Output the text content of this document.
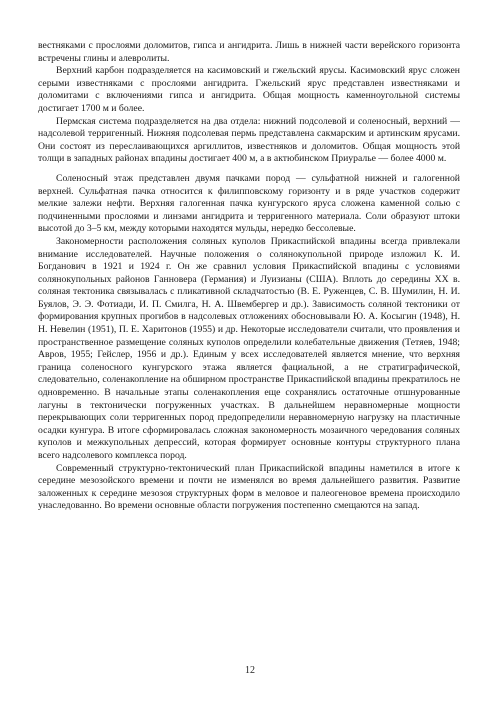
вестняками с прослоями доломитов, гипса и ангидрита. Лишь в нижней части верейского горизонта встречены глины и алевролиты.

Верхний карбон подразделяется на касимовский и гжельский ярусы. Касимовский ярус сложен серыми известняками с прослоями ангидрита. Гжельский ярус представлен известняками и доломитами с включениями гипса и ангидрита. Общая мощность каменноугольной системы достигает 1700 м и более.

Пермская система подразделяется на два отдела: нижний подсолевой и соленосный, верхний — надсолевой терригенный. Нижняя подсолевая пермь представлена сакмарским и артинским ярусами. Они состоят из переслаивающихся аргиллитов, известняков и доломитов. Общая мощность этой толщи в западных районах впадины достигает 400 м, а в актюбинском Приуралье — более 4000 м.

Соленосный этаж представлен двумя пачками пород — сульфатной нижней и галогенной верхней. Сульфатная пачка относится к филипповскому горизонту и в ряде участков содержит мелкие залежи нефти. Верхняя галогенная пачка кунгурского яруса сложена каменной солью с подчиненными прослоями и линзами ангидрита и терригенного материала. Соли образуют штоки высотой до 3–5 км, между которыми находятся мульды, нередко бессолевые.

Закономерности расположения соляных куполов Прикаспийской впадины всегда привлекали внимание исследователей. Научные положения о солянокупольной природе изложил К. И. Богданович в 1921 и 1924 г. Он же сравнил условия Прикаспийской впадины с условиями солянокупольных районов Ганновера (Германия) и Луизианы (США). Вплоть до середины XX в. соляная тектоника связывалась с пликативной складчатостью (В. Е. Руженцев, С. В. Шумилин, Н. И. Буялов, Э. Э. Фотиади, И. П. Смилга, Н. А. Швембергер и др.). Зависимость соляной тектоники от формирования крупных прогибов в надсолевых отложениях обосновывали Ю. А. Косыгин (1948), Н. Н. Невелин (1951), П. Е. Харитонов (1955) и др. Некоторые исследователи считали, что проявления и пространственное размещение соляных куполов определили колебательные движения (Тетяев, 1948; Авров, 1955; Гейслер, 1956 и др.). Единым у всех исследователей является мнение, что верхняя граница соленосного кунгурского этажа является фациальной, а не стратиграфической, следовательно, соленакопление на обширном пространстве Прикаспийской впадины прекратилось не одновременно. В начальные этапы соленакопления еще сохранялись остаточные отшнурованные лагуны в тектонически погруженных участках. В дальнейшем неравномерные мощности перекрывающих соли терригенных пород предопределили неравномерную нагрузку на пластичные осадки кунгура. В итоге сформировалась сложная закономерность мозаичного чередования соляных куполов и межкупольных депрессий, которая формирует основные контуры структурного плана всего надсолевого комплекса пород.

Современный структурно-тектонический план Прикаспийской впадины наметился в итоге к середине мезозойского времени и почти не изменялся во время дальнейшего развития. Развитие заложенных к середине мезозоя структурных форм в меловое и палеогеновое времена происходило унаследованно. Во времени основные области погружения постепенно смещаются на запад.

12
